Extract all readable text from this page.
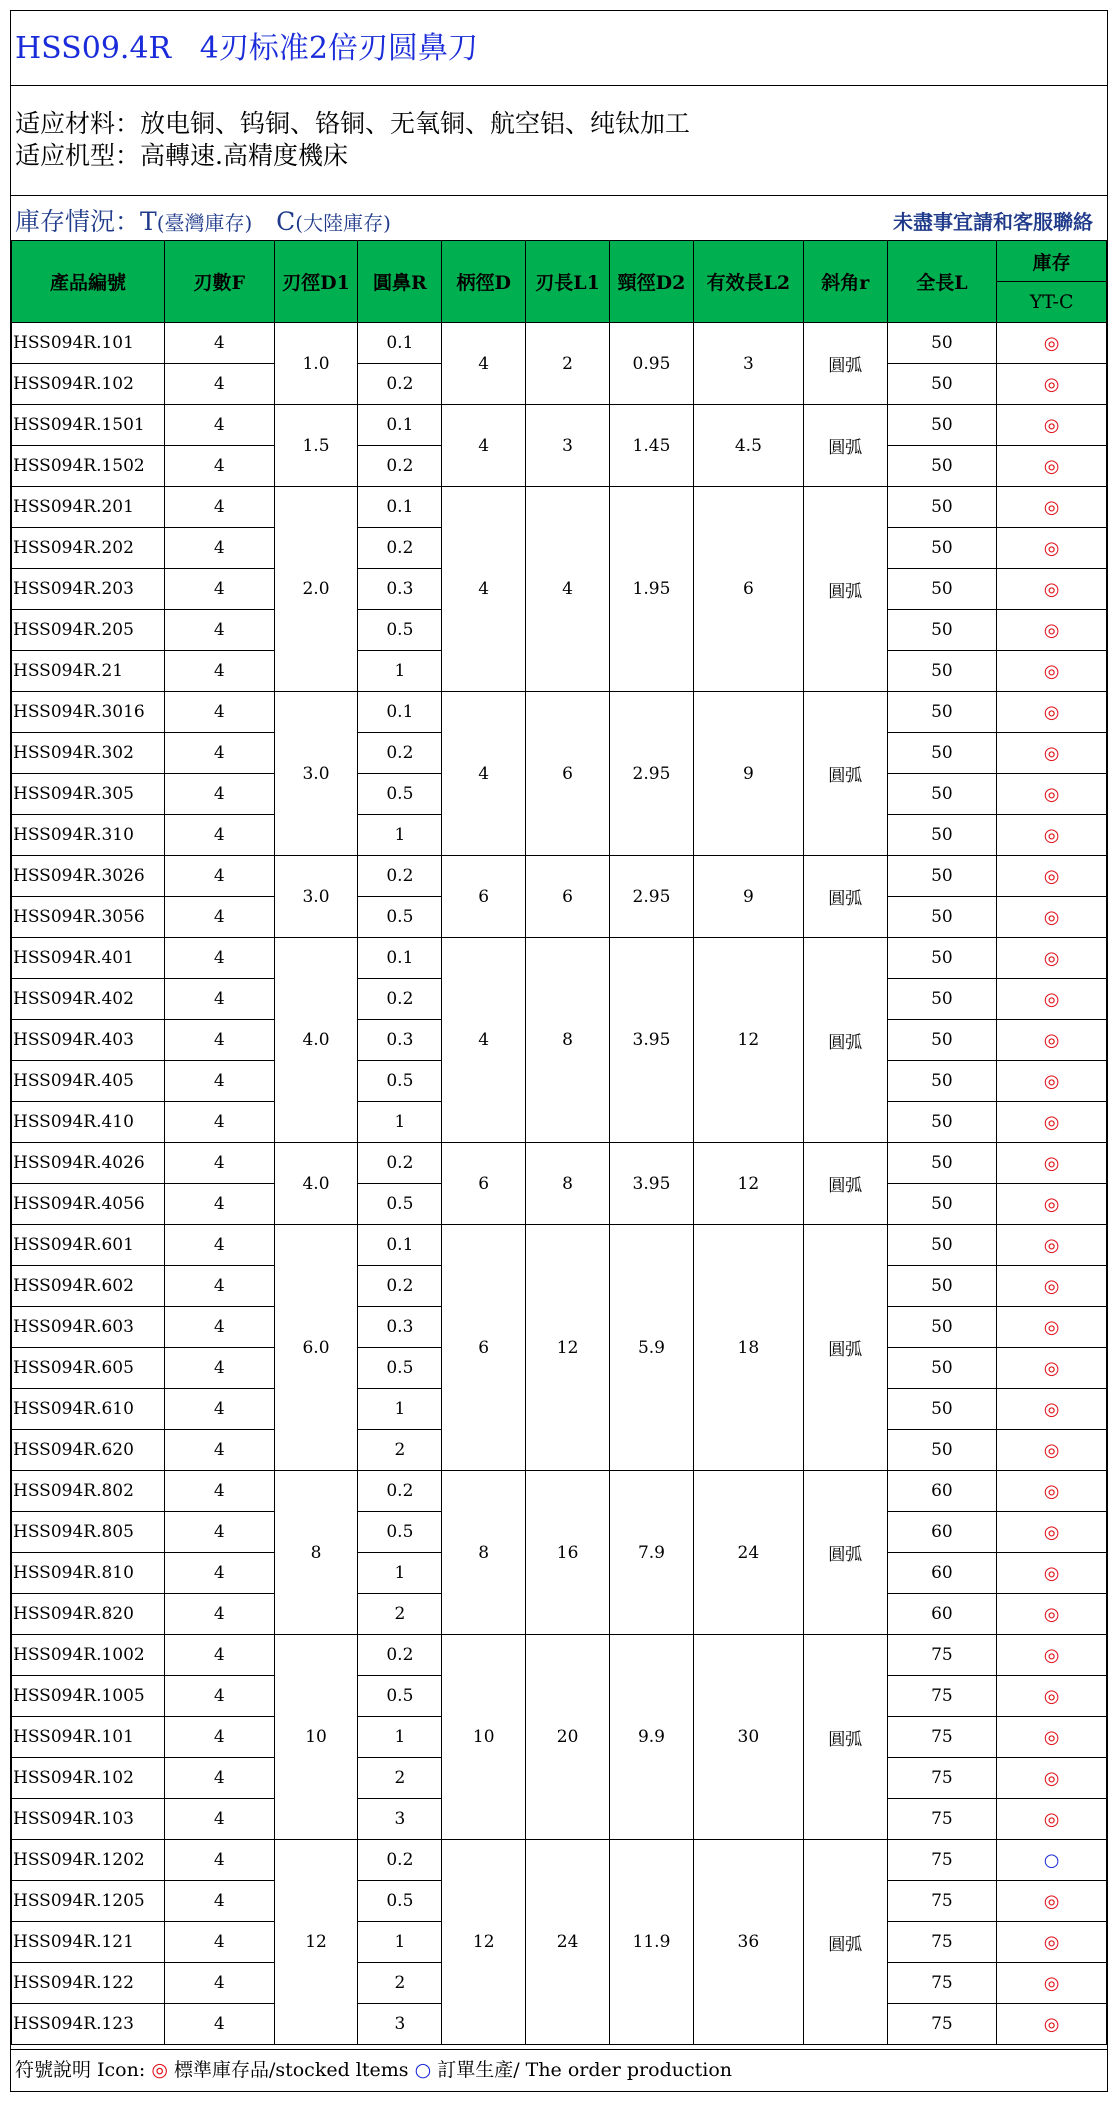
HSS09.4R   4刃标准2倍刃圆鼻刀
适应材料：放电铜、钨铜、铬铜、无氧铜、航空铝、纯钛加工
适应机型：高轉速.高精度機床
庫存情況：T(臺灣庫存) C(大陸庫存)	未盡事宜請和客服聯絡
產品編號	刃數F	刃徑D1	圓鼻R	柄徑D	刃長L1	頸徑D2	有效長L2	斜角r	全長L	庫存
										YT-C
HSS094R.101	4	1.0	0.1	4	2	0.95	3	圓弧	50	◎
HSS094R.102	4		0.2						50	◎
HSS094R.1501	4	1.5	0.1	4	3	1.45	4.5	圓弧	50	◎
HSS094R.1502	4		0.2						50	◎
HSS094R.201	4	2.0	0.1	4	4	1.95	6	圓弧	50	◎
HSS094R.202	4		0.2						50	◎
HSS094R.203	4		0.3						50	◎
HSS094R.205	4		0.5						50	◎
HSS094R.21	4		1						50	◎
HSS094R.3016	4	3.0	0.1	4	6	2.95	9	圓弧	50	◎
HSS094R.302	4		0.2						50	◎
HSS094R.305	4		0.5						50	◎
HSS094R.310	4		1						50	◎
HSS094R.3026	4	3.0	0.2	6	6	2.95	9	圓弧	50	◎
HSS094R.3056	4		0.5						50	◎
HSS094R.401	4	4.0	0.1	4	8	3.95	12	圓弧	50	◎
HSS094R.402	4		0.2						50	◎
HSS094R.403	4		0.3						50	◎
HSS094R.405	4		0.5						50	◎
HSS094R.410	4		1						50	◎
HSS094R.4026	4	4.0	0.2	6	8	3.95	12	圓弧	50	◎
HSS094R.4056	4		0.5						50	◎
HSS094R.601	4	6.0	0.1	6	12	5.9	18	圓弧	50	◎
HSS094R.602	4		0.2						50	◎
HSS094R.603	4		0.3						50	◎
HSS094R.605	4		0.5						50	◎
HSS094R.610	4		1						50	◎
HSS094R.620	4		2						50	◎
HSS094R.802	4	8	0.2	8	16	7.9	24	圓弧	60	◎
HSS094R.805	4		0.5						60	◎
HSS094R.810	4		1						60	◎
HSS094R.820	4		2						60	◎
HSS094R.1002	4	10	0.2	10	20	9.9	30	圓弧	75	◎
HSS094R.1005	4		0.5						75	◎
HSS094R.101	4		1						75	◎
HSS094R.102	4		2						75	◎
HSS094R.103	4		3						75	◎
HSS094R.1202	4	12	0.2	12	24	11.9	36	圓弧	75	○
HSS094R.1205	4		0.5						75	◎
HSS094R.121	4		1						75	◎
HSS094R.122	4		2						75	◎
HSS094R.123	4		3						75	◎
符號說明 Icon: ◎ 標準庫存品/stocked ltems ○ 訂單生產/ The order production
